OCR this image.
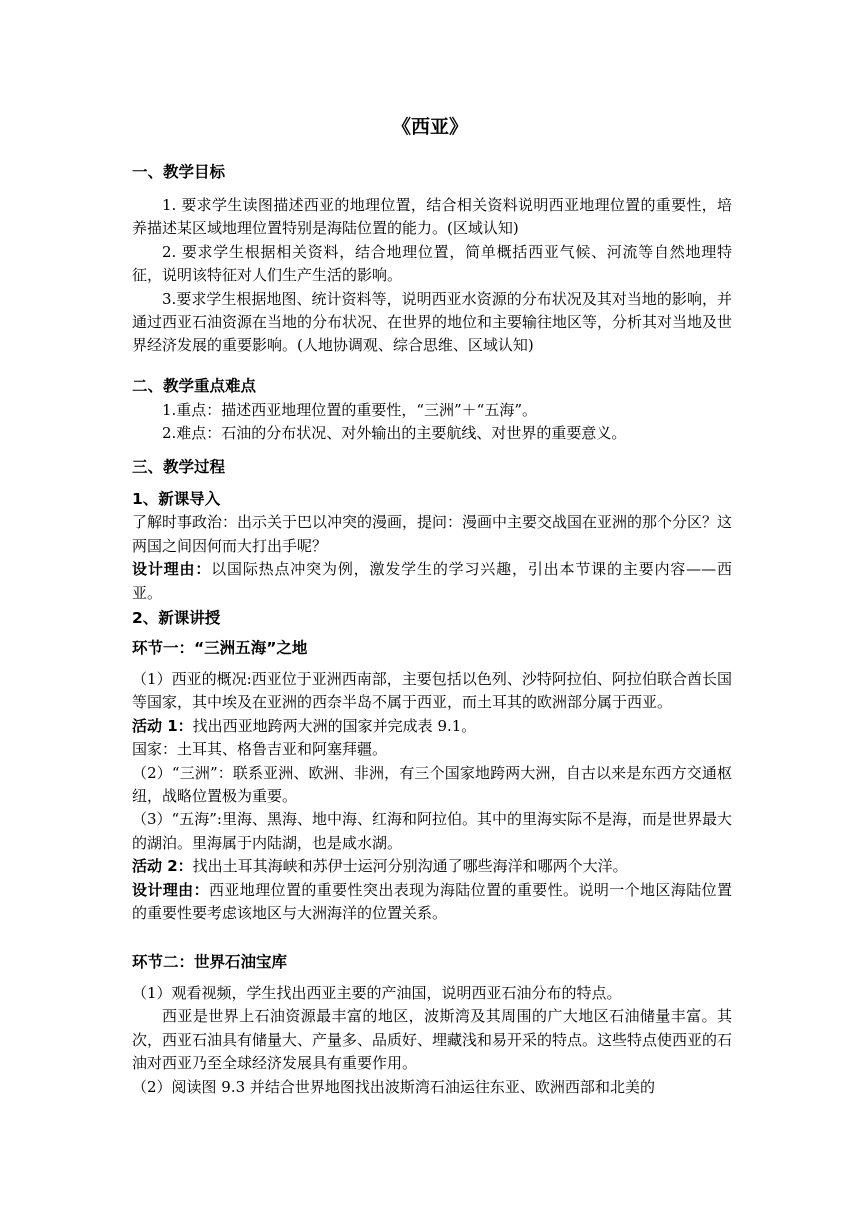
《西亚》
一、教学目标

1. 要求学生读图描述西亚的地理位置，结合相关资料说明西亚地理位置的重要性，培养描述某区域地理位置特别是海陆位置的能力。(区域认知)

2. 要求学生根据相关资料，结合地理位置，简单概括西亚气候、河流等自然地理特征，说明该特征对人们生产生活的影响。

3.要求学生根据地图、统计资料等，说明西亚水资源的分布状况及其对当地的影响，并通过西亚石油资源在当地的分布状况、在世界的地位和主要输往地区等，分析其对当地及世界经济发展的重要影响。(人地协调观、综合思维、区域认知)

二、教学重点难点

1.重点：描述西亚地理位置的重要性，“三洲”＋“五海”。

2.难点：石油的分布状况、对外输出的主要航线、对世界的重要意义。

三、教学过程

1、新课导入

了解时事政治：出示关于巴以冲突的漫画，提问：漫画中主要交战国在亚洲的那个分区？这两国之间因何而大打出手呢？

设计理由：以国际热点冲突为例，激发学生的学习兴趣，引出本节课的主要内容——西亚。

2、新课讲授

环节一：“三洲五海”之地

（1）西亚的概况:西亚位于亚洲西南部，主要包括以色列、沙特阿拉伯、阿拉伯联合酋长国等国家，其中埃及在亚洲的西奈半岛不属于西亚，而土耳其的欧洲部分属于西亚。

活动 1：找出西亚地跨两大洲的国家并完成表 9.1。

国家：土耳其、格鲁吉亚和阿塞拜疆。

（2）“三洲”：联系亚洲、欧洲、非洲，有三个国家地跨两大洲，自古以来是东西方交通枢纽，战略位置极为重要。

（3）“五海”:里海、黑海、地中海、红海和阿拉伯。其中的里海实际不是海，而是世界最大的湖泊。里海属于内陆湖，也是咸水湖。

活动 2：找出土耳其海峡和苏伊士运河分别沟通了哪些海洋和哪两个大洋。

设计理由：西亚地理位置的重要性突出表现为海陆位置的重要性。说明一个地区海陆位置的重要性要考虑该地区与大洲海洋的位置关系。

环节二：世界石油宝库

（1）观看视频，学生找出西亚主要的产油国，说明西亚石油分布的特点。

西亚是世界上石油资源最丰富的地区，波斯湾及其周围的广大地区石油储量丰富。其次，西亚石油具有储量大、产量多、品质好、埋藏浅和易开采的特点。这些特点使西亚的石油对西亚乃至全球经济发展具有重要作用。

（2）阅读图 9.3 并结合世界地图找出波斯湾石油运往东亚、欧洲西部和北美的
